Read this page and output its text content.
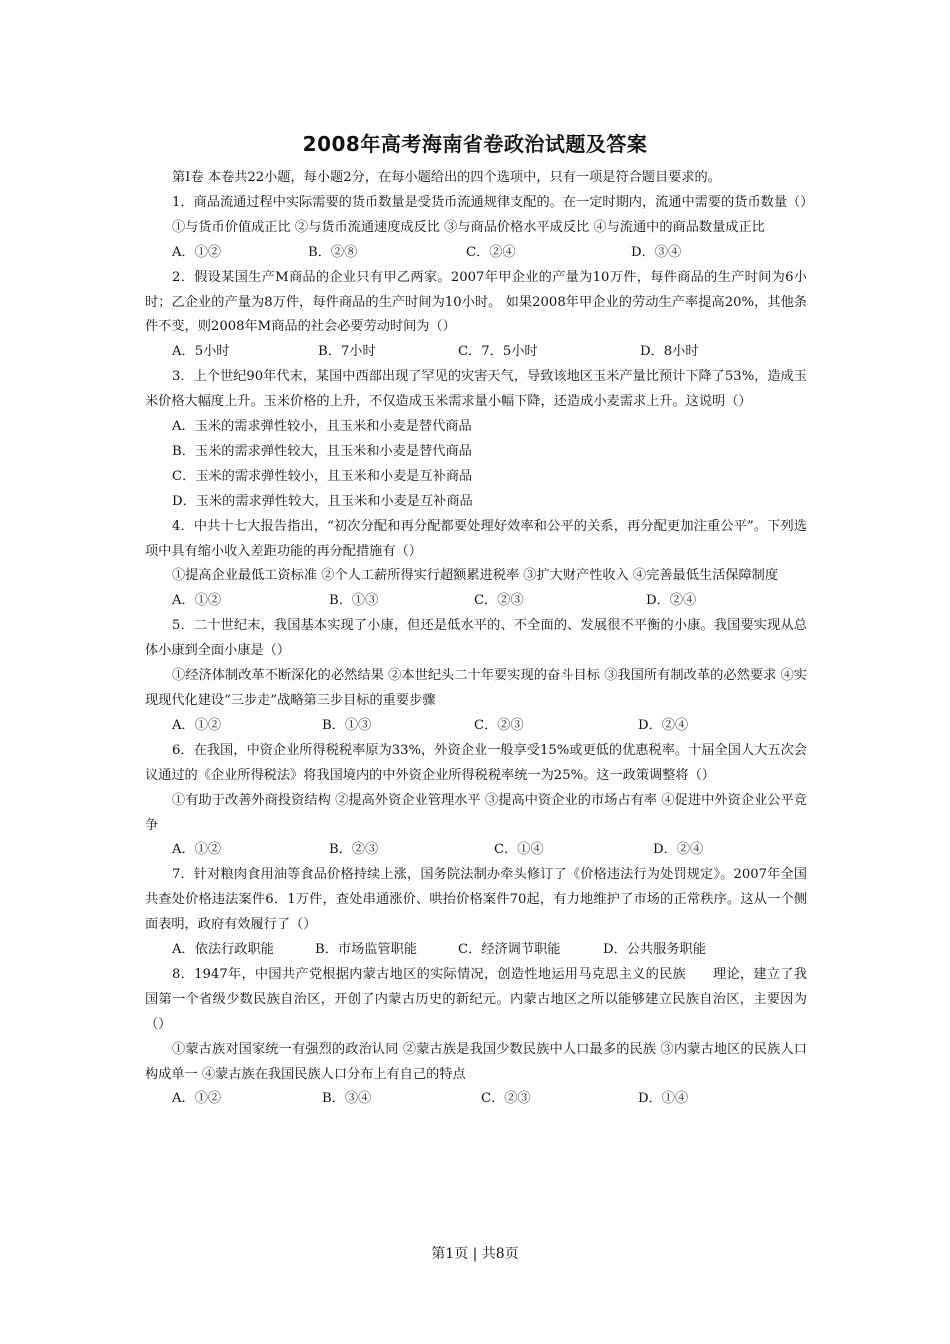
2008年高考海南省卷政治试题及答案

第Ⅰ卷 本卷共22小题，每小题2分，在每小题给出的四个选项中，只有一项是符合题目要求的。

1．商品流通过程中实际需要的货币数量是受货币流通规律支配的。在一定时期内，流通中需要的货币数量（）

①与货币价值成正比 ②与货币流通速度成反比 ③与商品价格水平成反比 ④与流通中的商品数量成正比

A．①②	B．②⑧	C．②④	D．③④

2．假设某国生产M商品的企业只有甲乙两家。2007年甲企业的产量为10万件，每件商品的生产时间为6小时；乙企业的产量为8万件，每件商品的生产时间为10小时。 如果2008年甲企业的劳动生产率提高20%，其他条件不变，则2008年M商品的社会必要劳动时间为（）

A．5小时	B．7小时	C．7．5小时	D．8小时

3．上个世纪90年代末，某国中西部出现了罕见的灾害天气，导致该地区玉米产量比预计下降了53%，造成玉米价格大幅度上升。玉米价格的上升，不仅造成玉米需求量小幅下降，还造成小麦需求上升。这说明（）

A．玉米的需求弹性较小，且玉米和小麦是替代商品

B．玉米的需求弹性较大，且玉米和小麦是替代商品

C．玉米的需求弹性较小，且玉米和小麦是互补商品

D．玉米的需求弹性较大，且玉米和小麦是互补商品

4．中共十七大报告指出，“初次分配和再分配都要处理好效率和公平的关系，再分配更加注重公平”。下列选项中具有缩小收入差距功能的再分配措施有（）

①提高企业最低工资标准 ②个人工薪所得实行超额累进税率 ③扩大财产性收入 ④完善最低生活保障制度

A．①②	B．①③	C．②③	D．②④

5．二十世纪末，我国基本实现了小康，但还是低水平的、不全面的、发展很不平衡的小康。我国要实现从总体小康到全面小康是（）

①经济体制改革不断深化的必然结果 ②本世纪头二十年要实现的奋斗目标 ③我国所有制改革的必然要求 ④实现现代化建设“三步走”战略第三步目标的重要步骤

A．①②	B．①③	C．②③	D．②④

6．在我国，中资企业所得税税率原为33%，外资企业一般享受15%或更低的优惠税率。十届全国人大五次会议通过的《企业所得税法》将我国境内的中外资企业所得税税率统一为25%。这一政策调整将（）

①有助于改善外商投资结构 ②提高外资企业管理水平 ③提高中资企业的市场占有率 ④促进中外资企业公平竞争

A．①②	B．②③	C．①④	D．②④

7．针对粮肉食用油等食品价格持续上涨，国务院法制办牵头修订了《价格违法行为处罚规定》。2007年全国共查处价格违法案件6．1万件，查处串通涨价、哄抬价格案件70起，有力地维护了市场的正常秩序。这从一个侧面表明，政府有效履行了（）

A．依法行政职能	B．市场监管职能	C．经济调节职能	D．公共服务职能

8．1947年，中国共产党根据内蒙古地区的实际情况，创造性地运用马克思主义的民族　　理论，建立了我国第一个省级少数民族自治区，开创了内蒙古历史的新纪元。内蒙古地区之所以能够建立民族自治区，主要因为（）

①蒙古族对国家统一有强烈的政治认同 ②蒙古族是我国少数民族中人口最多的民族 ③内蒙古地区的民族人口构成单一 ④蒙古族在我国民族人口分布上有自己的特点

A．①②	B．③④	C．②③	D．①④
第1页 | 共8页
